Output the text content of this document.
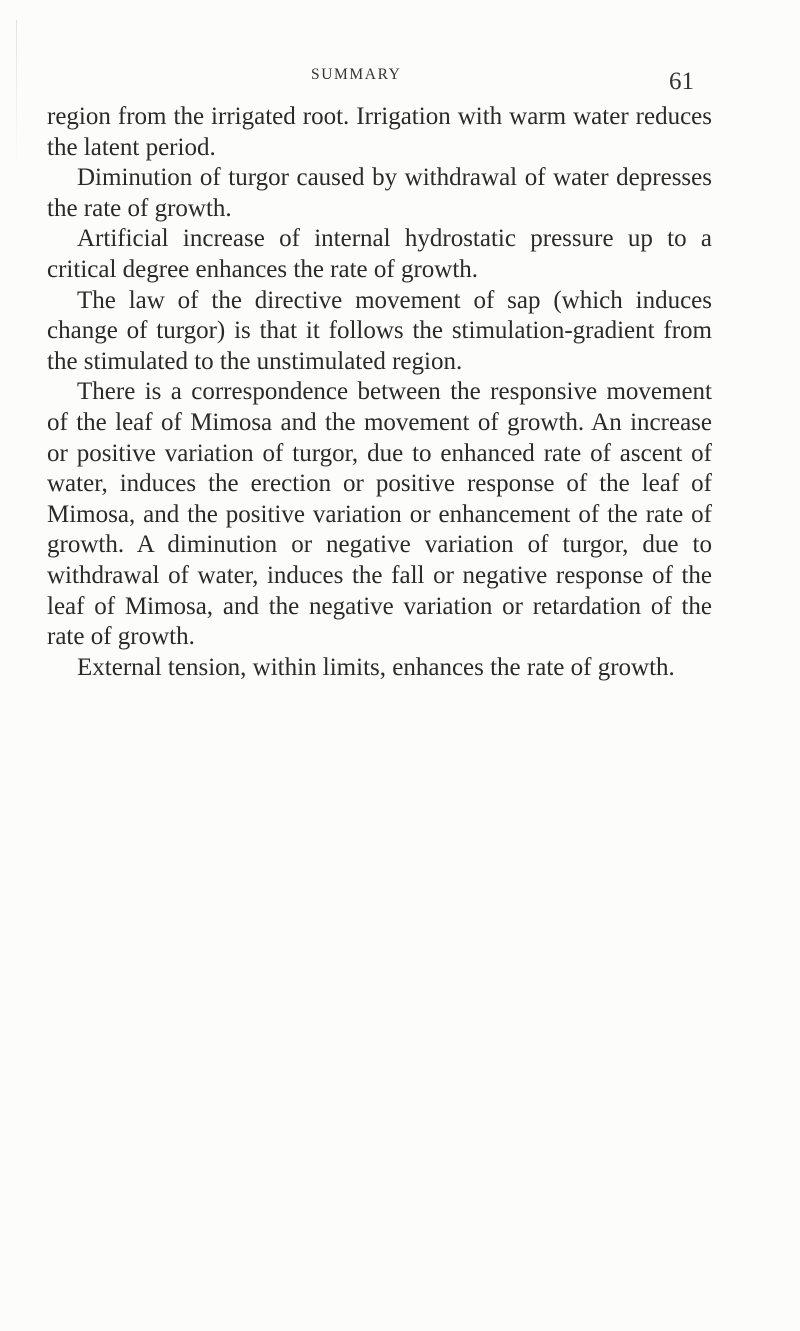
SUMMARY	61

region from the irrigated root. Irrigation with warm water reduces the latent period.

Diminution of turgor caused by withdrawal of water depresses the rate of growth.

Artificial increase of internal hydrostatic pressure up to a critical degree enhances the rate of growth.

The law of the directive movement of sap (which induces change of turgor) is that it follows the stimulation-gradient from the stimulated to the unstimulated region.

There is a correspondence between the responsive movement of the leaf of Mimosa and the movement of growth. An increase or positive variation of turgor, due to enhanced rate of ascent of water, induces the erection or positive response of the leaf of Mimosa, and the positive variation or enhancement of the rate of growth. A diminution or negative variation of turgor, due to withdrawal of water, induces the fall or negative response of the leaf of Mimosa, and the negative variation or retardation of the rate of growth.

External tension, within limits, enhances the rate of growth.
